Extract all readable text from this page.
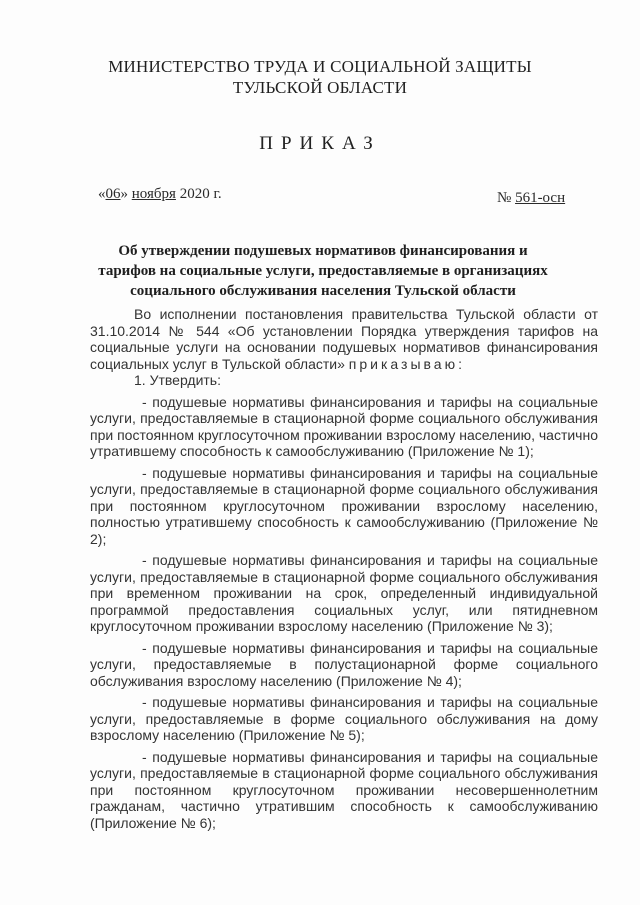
МИНИСТЕРСТВО ТРУДА И СОЦИАЛЬНОЙ ЗАЩИТЫ
ТУЛЬСКОЙ ОБЛАСТИ
ПРИКАЗ
«06» ноября 2020 г.	№ 561-осн
Об утверждении подушевых нормативов финансирования и тарифов на социальные услуги, предоставляемые в организациях социального обслуживания населения Тульской области

Во исполнении постановления правительства Тульской области от 31.10.2014 № 544 «Об установлении Порядка утверждения тарифов на социальные услуги на основании подушевых нормативов финансирования социальных услуг в Тульской области» приказываю:

1. Утвердить:

- подушевые нормативы финансирования и тарифы на социальные услуги, предоставляемые в стационарной форме социального обслуживания при постоянном круглосуточном проживании взрослому населению, частично утратившему способность к самообслуживанию (Приложение № 1);

- подушевые нормативы финансирования и тарифы на социальные услуги, предоставляемые в стационарной форме социального обслуживания при постоянном круглосуточном проживании взрослому населению, полностью утратившему способность к самообслуживанию (Приложение № 2);

- подушевые нормативы финансирования и тарифы на социальные услуги, предоставляемые в стационарной форме социального обслуживания при временном проживании на срок, определенный индивидуальной программой предоставления социальных услуг, или пятидневном круглосуточном проживании взрослому населению (Приложение № 3);

- подушевые нормативы финансирования и тарифы на социальные услуги, предоставляемые в полустационарной форме социального обслуживания взрослому населению (Приложение № 4);

- подушевые нормативы финансирования и тарифы на социальные услуги, предоставляемые в форме социального обслуживания на дому взрослому населению (Приложение № 5);

- подушевые нормативы финансирования и тарифы на социальные услуги, предоставляемые в стационарной форме социального обслуживания при постоянном круглосуточном проживании несовершеннолетним гражданам, частично утратившим способность к самообслуживанию (Приложение № 6);
